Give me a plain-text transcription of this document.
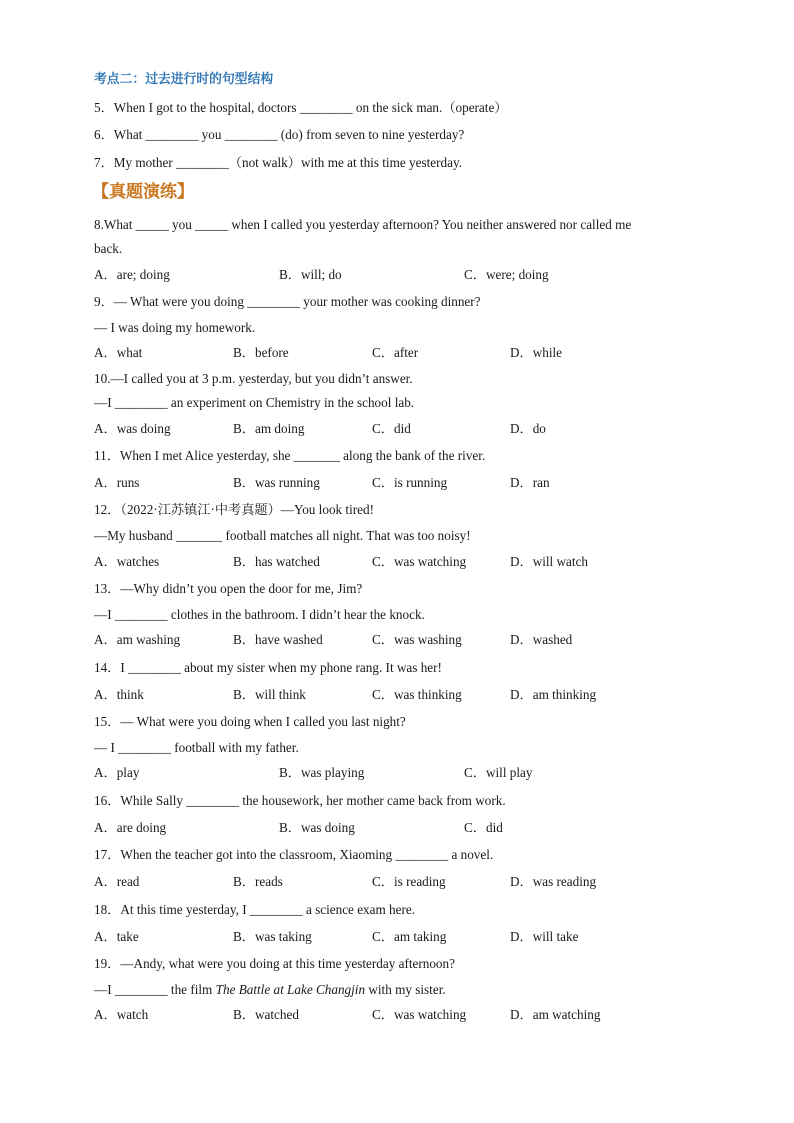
考点二：过去进行时的句型结构
5．When I got to the hospital, doctors ________ on the sick man.（operate）
6．What ________ you ________ (do) from seven to nine yesterday?
7．My mother ________（not walk）with me at this time yesterday.
【真题演练】
8.What _____ you _____ when I called you yesterday afternoon? You neither answered nor called me
back.
A．are; doing	B．will; do	C．were; doing
9．— What were you doing ________ your mother was cooking dinner?
— I was doing my homework.
A．what	B．before	C．after	D．while
10.—I called you at 3 p.m. yesterday, but you didn’t answer.
—I ________ an experiment on Chemistry in the school lab.
A．was doing	B．am doing	C．did	D．do
11．When I met Alice yesterday, she _______ along the bank of the river.
A．runs	B．was running	C．is running	D．ran
12．（2022·江苏镇江·中考真题）—You look tired!
—My husband _______ football matches all night. That was too noisy!
A．watches	B．has watched	C．was watching	D．will watch
13．—Why didn’t you open the door for me, Jim?
—I ________ clothes in the bathroom. I didn’t hear the knock.
A．am washing	B．have washed	C．was washing	D．washed
14．I ________ about my sister when my phone rang. It was her!
A．think	B．will think	C．was thinking	D．am thinking
15．— What were you doing when I called you last night?
— I ________ football with my father.
A．play	B．was playing	C．will play
16．While Sally ________ the housework, her mother came back from work.
A．are doing	B．was doing	C．did
17．When the teacher got into the classroom, Xiaoming ________ a novel.
A．read	B．reads	C．is reading	D．was reading
18．At this time yesterday, I ________ a science exam here.
A．take	B．was taking	C．am taking	D．will take
19．—Andy, what were you doing at this time yesterday afternoon?
—I ________ the film The Battle at Lake Changjin with my sister.
A．watch	B．watched	C．was watching	D．am watching
